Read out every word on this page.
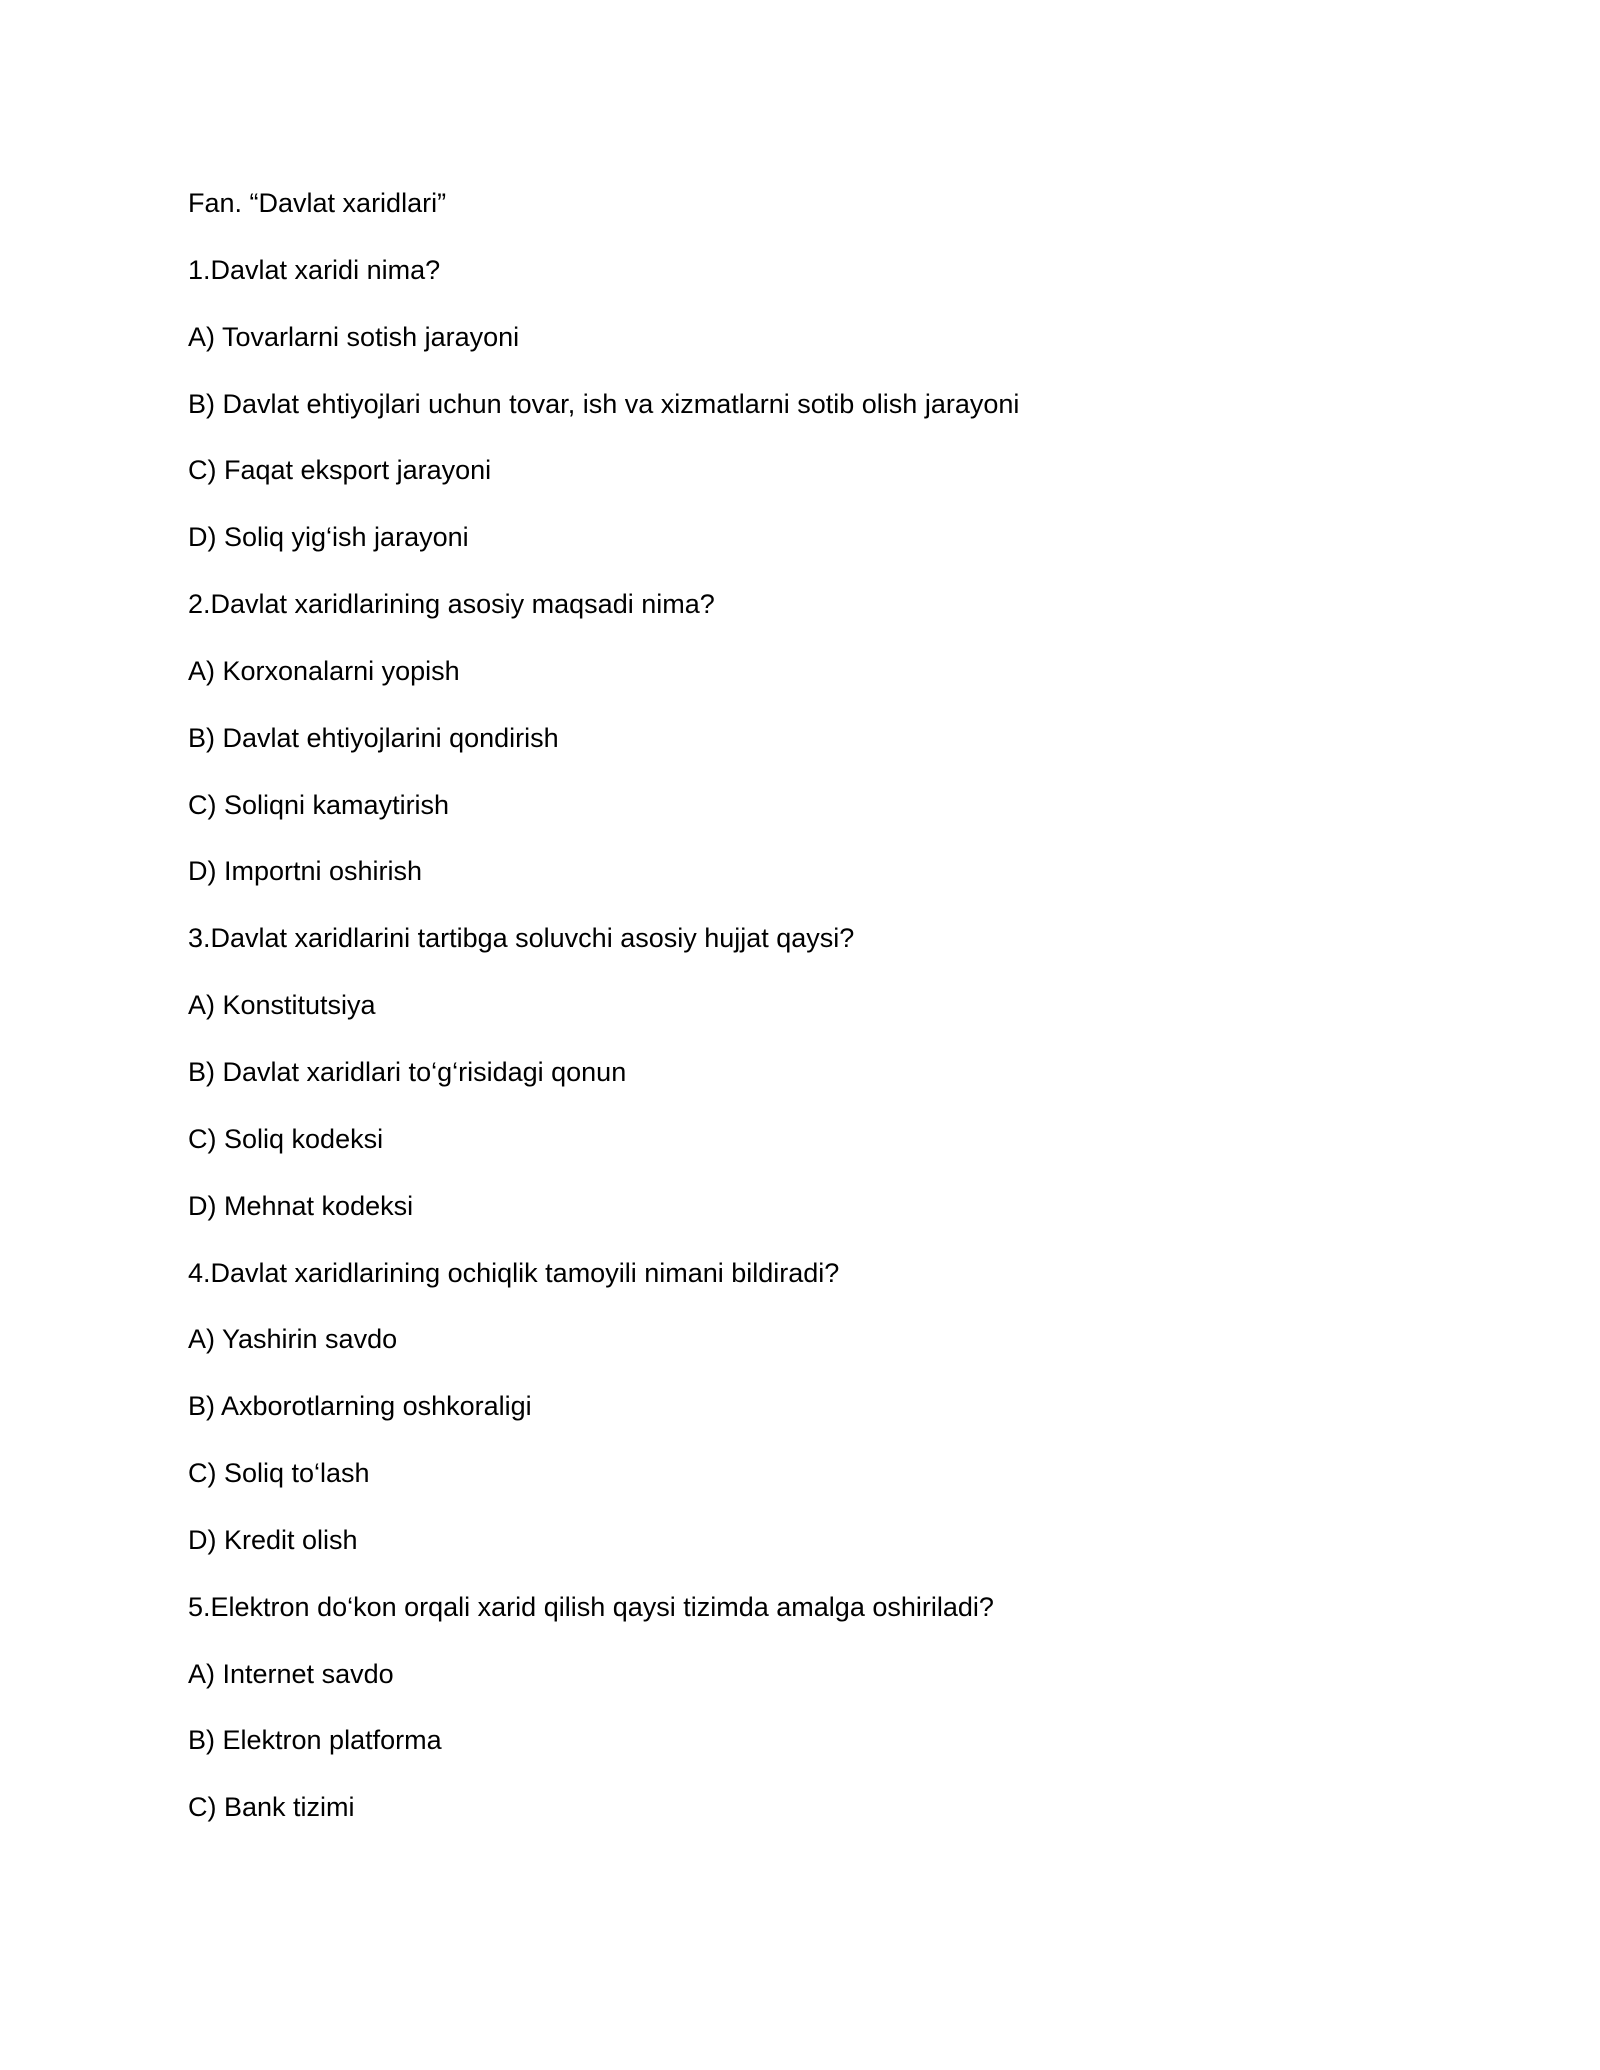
Fan. “Davlat xaridlari”

1.Davlat xaridi nima?

A) Tovarlarni sotish jarayoni

B) Davlat ehtiyojlari uchun tovar, ish va xizmatlarni sotib olish jarayoni

C) Faqat eksport jarayoni

D) Soliq yig‘ish jarayoni

2.Davlat xaridlarining asosiy maqsadi nima?

A) Korxonalarni yopish

B) Davlat ehtiyojlarini qondirish

C) Soliqni kamaytirish

D) Importni oshirish

3.Davlat xaridlarini tartibga soluvchi asosiy hujjat qaysi?

A) Konstitutsiya

B) Davlat xaridlari to‘g‘risidagi qonun

C) Soliq kodeksi

D) Mehnat kodeksi

4.Davlat xaridlarining ochiqlik tamoyili nimani bildiradi?

A) Yashirin savdo

B) Axborotlarning oshkoraligi

C) Soliq to‘lash

D) Kredit olish

5.Elektron do‘kon orqali xarid qilish qaysi tizimda amalga oshiriladi?

A) Internet savdo

B) Elektron platforma

C) Bank tizimi
